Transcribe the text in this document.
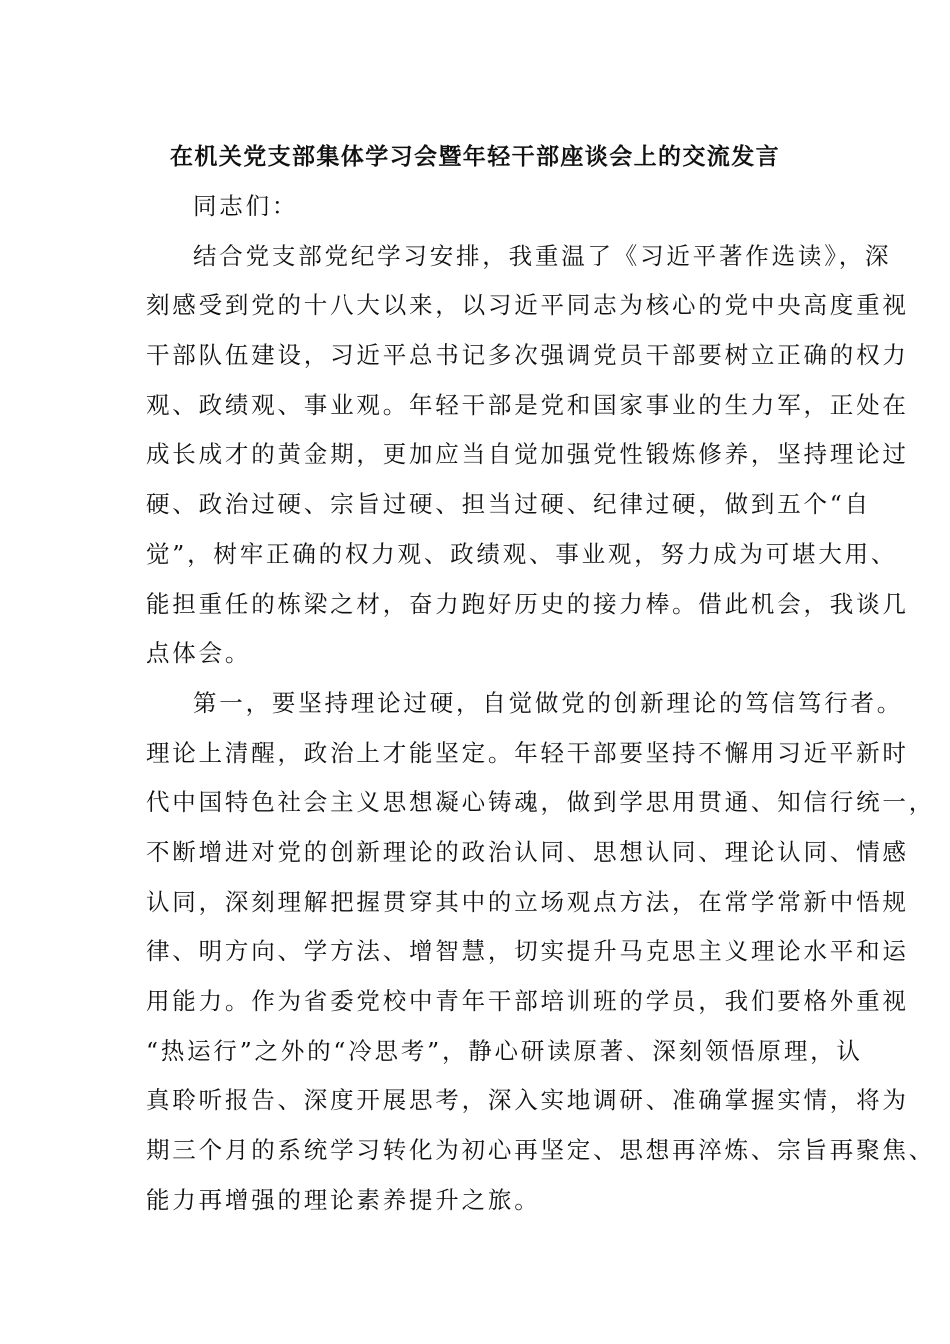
在机关党支部集体学习会暨年轻干部座谈会上的交流发言
同志们：
结合党支部党纪学习安排，我重温了《习近平著作选读》，深
刻感受到党的十八大以来，以习近平同志为核心的党中央高度重视
干部队伍建设，习近平总书记多次强调党员干部要树立正确的权力
观、政绩观、事业观。年轻干部是党和国家事业的生力军，正处在
成长成才的黄金期，更加应当自觉加强党性锻炼修养，坚持理论过
硬、政治过硬、宗旨过硬、担当过硬、纪律过硬，做到五个“自
觉”，树牢正确的权力观、政绩观、事业观，努力成为可堪大用、
能担重任的栋梁之材，奋力跑好历史的接力棒。借此机会，我谈几
点体会。
第一，要坚持理论过硬，自觉做党的创新理论的笃信笃行者。
理论上清醒，政治上才能坚定。年轻干部要坚持不懈用习近平新时
代中国特色社会主义思想凝心铸魂，做到学思用贯通、知信行统一，
不断增进对党的创新理论的政治认同、思想认同、理论认同、情感
认同，深刻理解把握贯穿其中的立场观点方法，在常学常新中悟规
律、明方向、学方法、增智慧，切实提升马克思主义理论水平和运
用能力。作为省委党校中青年干部培训班的学员，我们要格外重视
“热运行”之外的“冷思考”，静心研读原著、深刻领悟原理，认
真聆听报告、深度开展思考，深入实地调研、准确掌握实情，将为
期三个月的系统学习转化为初心再坚定、思想再淬炼、宗旨再聚焦、
能力再增强的理论素养提升之旅。
